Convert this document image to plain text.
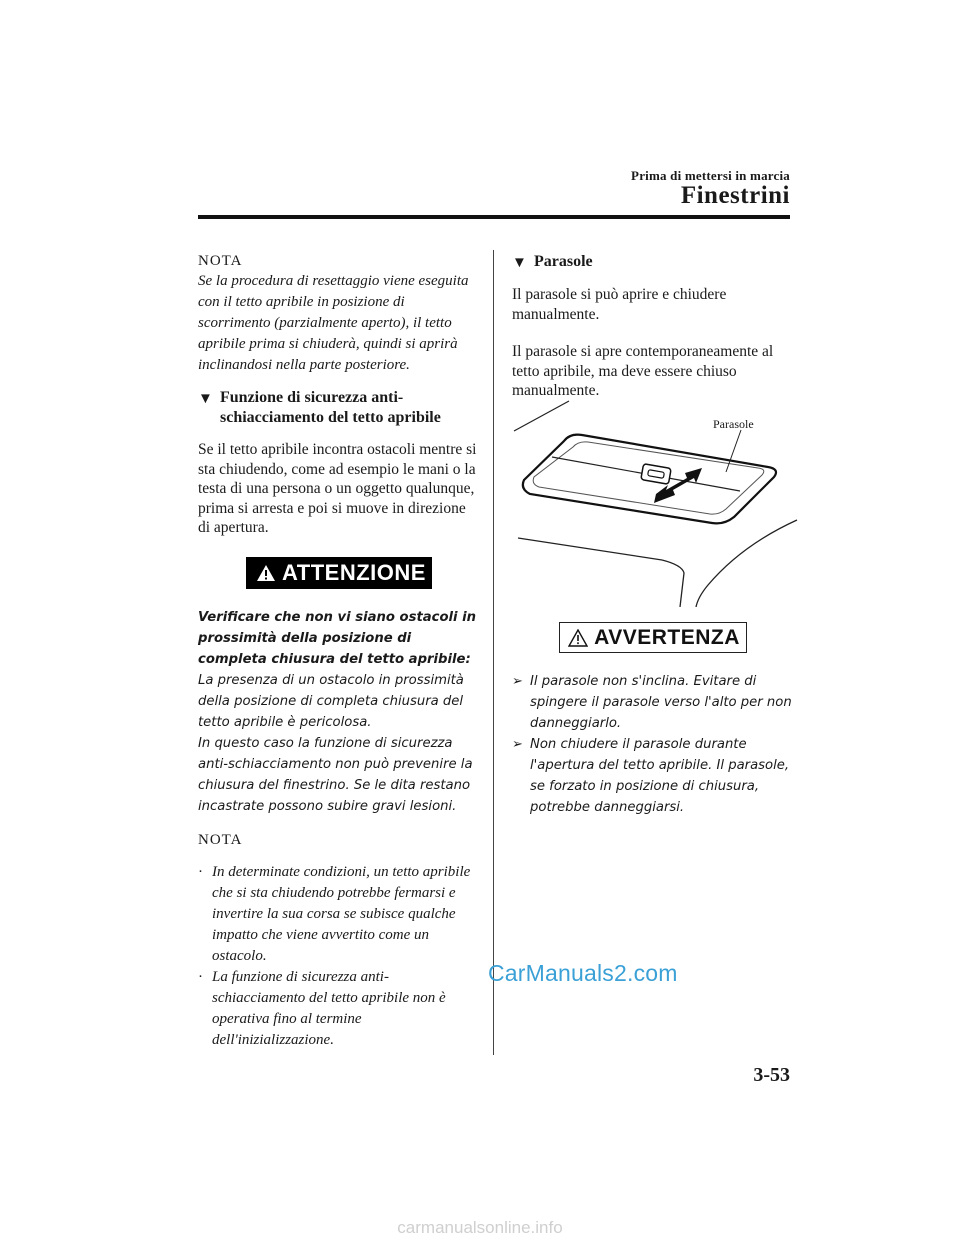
Prima di mettersi in marcia
Finestrini

NOTA

Se la procedura di resettaggio viene eseguita con il tetto apribile in posizione di scorrimento (parzialmente aperto), il tetto apribile prima si chiuderà, quindi si aprirà inclinandosi nella parte posteriore.

▼ Funzione di sicurezza anti-schiacciamento del tetto apribile

Se il tetto apribile incontra ostacoli mentre si sta chiudendo, come ad esempio le mani o la testa di una persona o un oggetto qualunque, prima si arresta e poi si muove in direzione di apertura.

ATTENZIONE
Verificare che non vi siano ostacoli in prossimità della posizione di completa chiusura del tetto apribile:
La presenza di un ostacolo in prossimità della posizione di completa chiusura del tetto apribile è pericolosa.
In questo caso la funzione di sicurezza anti-schiacciamento non può prevenire la chiusura del finestrino. Se le dita restano incastrate possono subire gravi lesioni.

NOTA

· In determinate condizioni, un tetto apribile che si sta chiudendo potrebbe fermarsi e invertire la sua corsa se subisce qualche impatto che viene avvertito come un ostacolo.
· La funzione di sicurezza anti-schiacciamento del tetto apribile non è operativa fino al termine dell'inizializzazione.
▼ Parasole

Il parasole si può aprire e chiudere manualmente.

Il parasole si apre contemporaneamente al tetto apribile, ma deve essere chiuso manualmente.

Parasole
AVVERTENZA
➢ Il parasole non s'inclina. Evitare di spingere il parasole verso l'alto per non danneggiarlo.
➢ Non chiudere il parasole durante l'apertura del tetto apribile. Il parasole, se forzato in posizione di chiusura, potrebbe danneggiarsi.
CarManuals2.com
3-53
carmanualsonline.info
